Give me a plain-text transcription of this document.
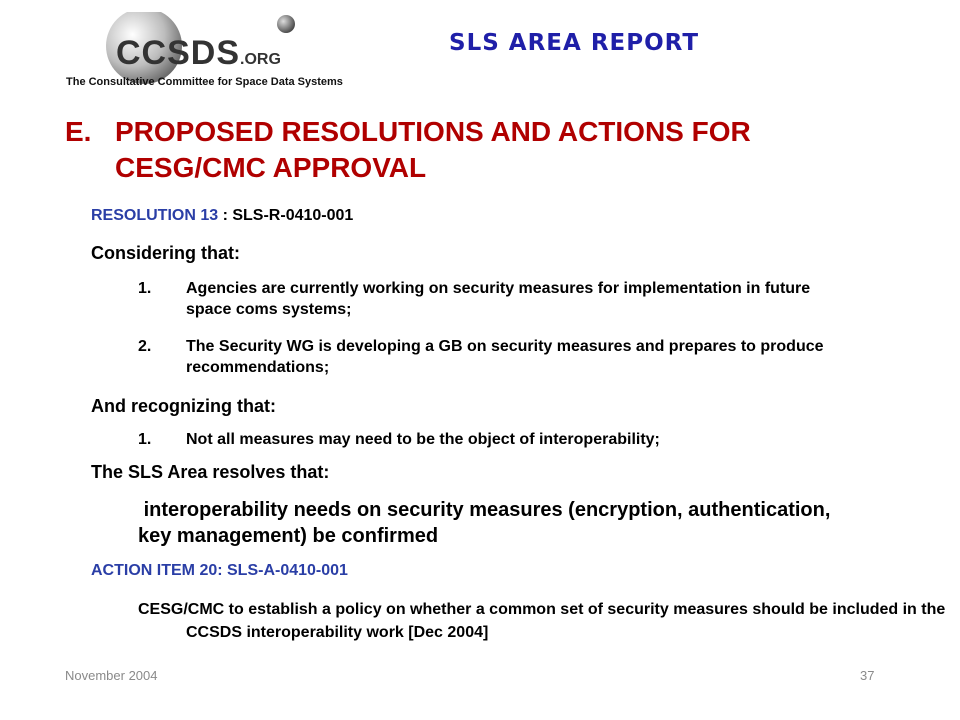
CCSDS.ORG
The Consultative Committee for Space Data Systems
SLS AREA REPORT
E. PROPOSED RESOLUTIONS AND ACTIONS FOR CESG/CMC APPROVAL
RESOLUTION 13 : SLS-R-0410-001
Considering that:
1. Agencies are currently working on security measures for implementation in future space coms systems;
2. The Security WG is developing a GB on security measures and prepares to produce recommendations;
And recognizing that:
1. Not all measures may need to be the object of interoperability;
The SLS Area resolves that:
interoperability needs on security measures (encryption, authentication, key management) be confirmed
ACTION ITEM 20: SLS-A-0410-001
CESG/CMC to establish a policy on whether a common set of security measures should be included in the CCSDS interoperability work [Dec 2004]
November 2004	37
